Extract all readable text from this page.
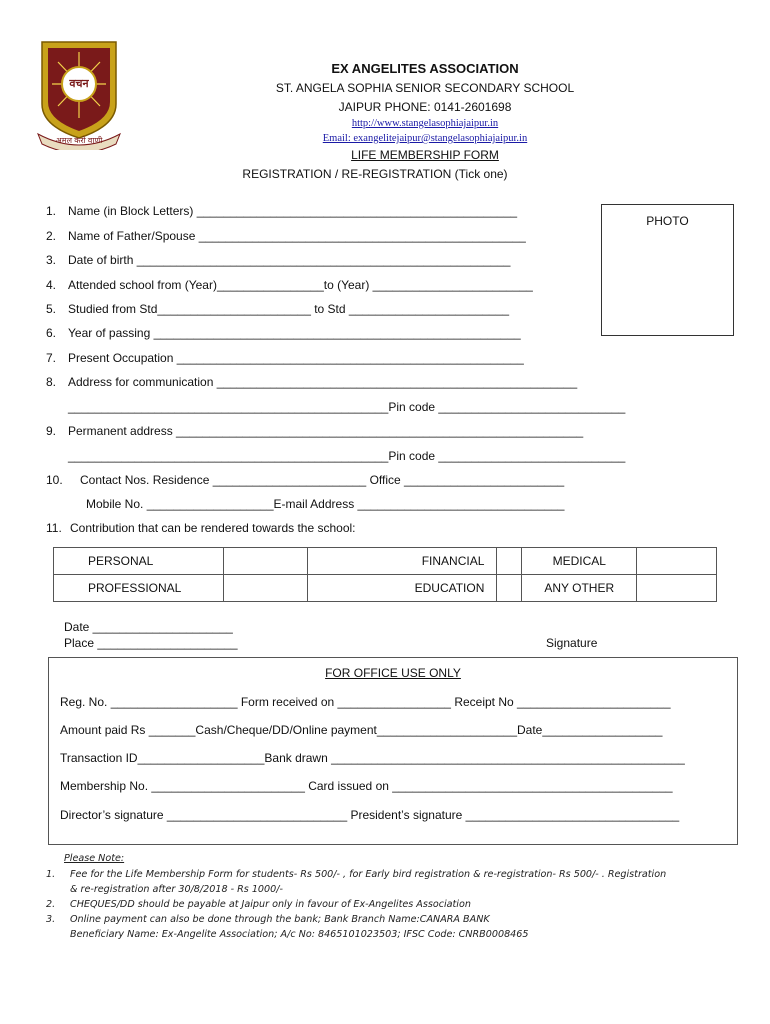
वचन
अमल करो वाणी
EX ANGELITES ASSOCIATION
ST. ANGELA SOPHIA SENIOR SECONDARY SCHOOL
JAIPUR PHONE: 0141-2601698
http://www.stangelasophiajaipur.in
Email: exangelitejaipur@stangelasophiajaipur.in
LIFE MEMBERSHIP FORM
REGISTRATION / RE-REGISTRATION (Tick one)
PHOTO
1. Name (in Block Letters) ________________________________________________
2. Name of Father/Spouse _________________________________________________
3. Date of birth ________________________________________________________
4. Attended school from (Year)________________to (Year) ________________________
5. Studied from Std_______________________ to Std ________________________
6. Year of passing _______________________________________________________
7. Present Occupation ____________________________________________________
8. Address for communication ______________________________________________________
________________________________________________Pin code ____________________________
9. Permanent address _____________________________________________________________
________________________________________________Pin code ____________________________
10. Contact Nos. Residence _______________________ Office ________________________
Mobile No. ___________________E-mail Address _______________________________
11. Contribution that can be rendered towards the school:
PERSONAL		FINANCIAL		MEDICAL	
PROFESSIONAL		EDUCATION		ANY OTHER	
Date _____________________
Place _____________________	Signature
FOR OFFICE USE ONLY
Reg. No. ___________________ Form received on _________________ Receipt No _______________________
Amount paid Rs _______Cash/Cheque/DD/Online payment_____________________Date__________________
Transaction ID___________________Bank drawn _____________________________________________________
Membership No. _______________________ Card issued on __________________________________________
Director’s signature ___________________________ President’s signature ________________________________
Please Note:
1. Fee for the Life Membership Form for students- Rs 500/- , for Early bird registration & re-registration- Rs 500/- . Registration
& re-registration after 30/8/2018 - Rs 1000/-
2. CHEQUES/DD should be payable at Jaipur only in favour of Ex-Angelites Association
3. Online payment can also be done through the bank; Bank Branch Name:CANARA BANK
Beneficiary Name: Ex-Angelite Association; A/c No: 8465101023503; IFSC Code: CNRB0008465
